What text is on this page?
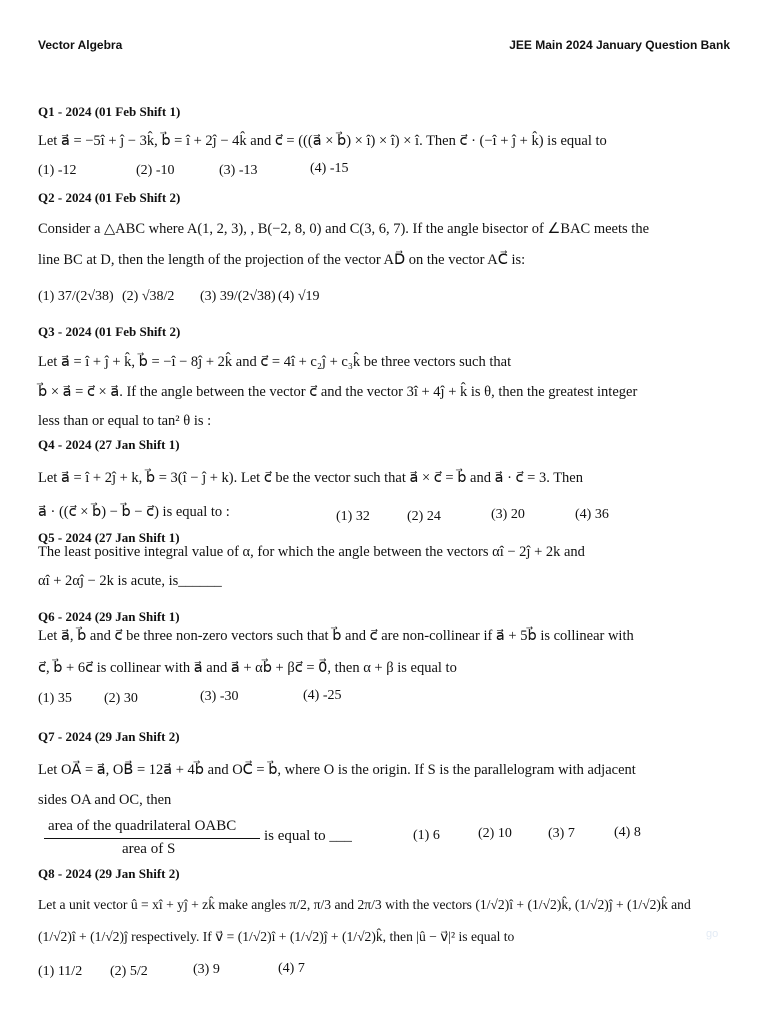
Vector Algebra	JEE Main 2024 January Question Bank
Q1 - 2024 (01 Feb Shift 1)
Let a⃗ = −5î + ĵ − 3k̂, b⃗ = î + 2ĵ − 4k̂ and c⃗ = (((a⃗ × b⃗) × î) × î) × î. Then c⃗ · (−î + ĵ + k̂) is equal to
(1) -12	(2) -10	(3) -13	(4) -15
Q2 - 2024 (01 Feb Shift 2)
Consider a △ABC where A(1, 2, 3), , B(−2, 8, 0) and C(3, 6, 7). If the angle bisector of ∠BAC meets the
line BC at D, then the length of the projection of the vector AD⃗ on the vector AC⃗ is:
(1) 37/(2√38) (2) √38/2 (3) 39/(2√38) (4) √19
Q3 - 2024 (01 Feb Shift 2)
Let a⃗ = î + ĵ + k̂, b⃗ = −î − 8ĵ + 2k̂ and c⃗ = 4î + c₂ĵ + c₃k̂ be three vectors such that
b⃗ × a⃗ = c⃗ × a⃗. If the angle between the vector c⃗ and the vector 3î + 4ĵ + k̂ is θ, then the greatest integer
less than or equal to tan² θ is :
Q4 - 2024 (27 Jan Shift 1)
Let a⃗ = î + 2ĵ + k, b⃗ = 3(î − ĵ + k). Let c⃗ be the vector such that a⃗ × c⃗ = b⃗ and a⃗ · c⃗ = 3. Then
a⃗ · ((c⃗ × b⃗) − b⃗ − c⃗) is equal to :	(1) 32	(2) 24	(3) 20	(4) 36
Q5 - 2024 (27 Jan Shift 1)
The least positive integral value of α, for which the angle between the vectors αî − 2ĵ + 2k and
αî + 2αĵ − 2k is acute, is______
Q6 - 2024 (29 Jan Shift 1)
Let a⃗, b⃗ and c⃗ be three non-zero vectors such that b⃗ and c⃗ are non-collinear if a⃗ + 5b⃗ is collinear with
c⃗, b⃗ + 6c⃗ is collinear with a⃗ and a⃗ + αb⃗ + βc⃗ = 0⃗, then α + β is equal to
(1) 35 (2) 30	(3) -30	(4) -25
Q7 - 2024 (29 Jan Shift 2)
Let OA⃗ = a⃗, OB⃗ = 12a⃗ + 4b⃗ and OC⃗ = b⃗, where O is the origin. If S is the parallelogram with adjacent
sides OA and OC, then
area of the quadrilateral OABC
area of S
is equal to ___	(1) 6	(2) 10	(3) 7	(4) 8
Q8 - 2024 (29 Jan Shift 2)
Let a unit vector û = xî + yĵ + zk̂ make angles π/2, π/3 and 2π/3 with the vectors (1/√2)î + (1/√2)k̂, (1/√2)ĵ + (1/√2)k̂ and
(1/√2)î + (1/√2)ĵ respectively. If v⃗ = (1/√2)î + (1/√2)ĵ + (1/√2)k̂, then |û − v⃗|² is equal to
(1) 11/2 (2) 5/2	(3) 9	(4) 7
go
